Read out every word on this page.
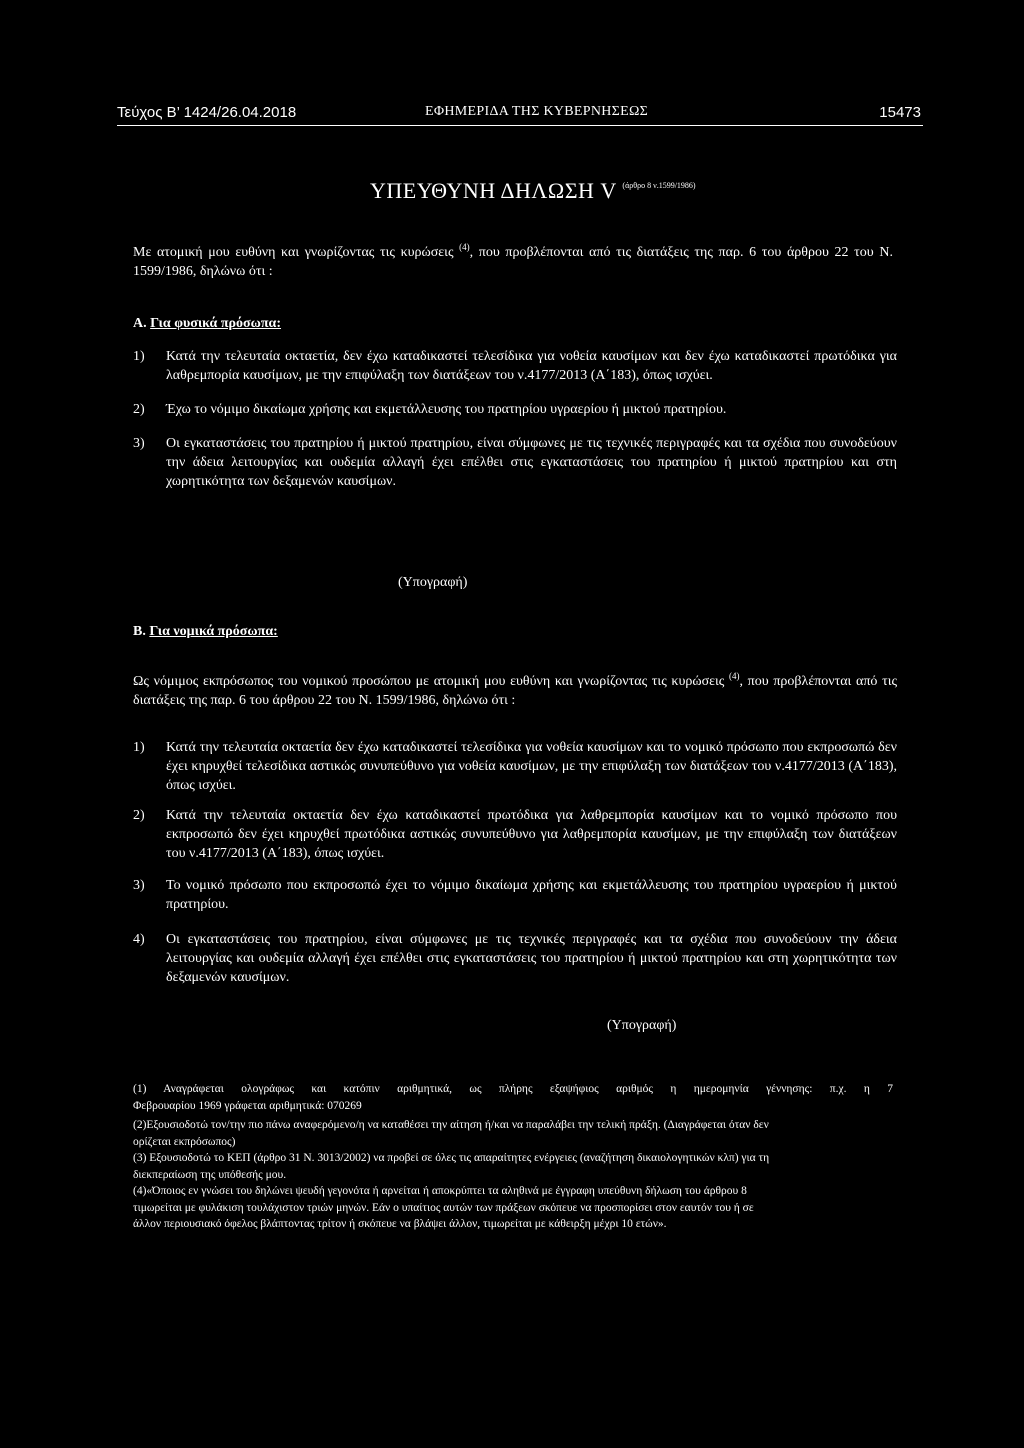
Τεύχος Β’ 1424/26.04.2018	ΕΦΗΜΕΡΙΔΑ ΤΗΣ ΚΥΒΕΡΝΗΣΕΩΣ	15473
ΥΠΕΥΘΥΝΗ ΔΗΛΩΣΗ V $^{(ά\rho\theta\rho o 8 \nu.1599/1986)}$
Με ατομική μου ευθύνη και γνωρίζοντας τις κυρώσεις $^{(4)}$, που προβλέπονται από τις διατάξεις της παρ. 6 του άρθρου 22 του Ν. 1599/1986, δηλώνω ότι :
Α. Για φυσικά πρόσωπα:
1) Κατά την τελευταία οκταετία, δεν έχω καταδικαστεί τελεσίδικα για νοθεία καυσίμων και δεν έχω καταδικαστεί πρωτόδικα για λαθρεμπορία καυσίμων, με την επιφύλαξη των διατάξεων του ν.4177/2013 (Α΄183), όπως ισχύει.
2) Έχω το νόμιμο δικαίωμα χρήσης και εκμετάλλευσης του πρατηρίου υγραερίου ή μικτού πρατηρίου.
3) Οι εγκαταστάσεις του πρατηρίου ή μικτού πρατηρίου, είναι σύμφωνες με τις τεχνικές περιγραφές και τα σχέδια που συνοδεύουν την άδεια λειτουργίας και ουδεμία αλλαγή έχει επέλθει στις εγκαταστάσεις του πρατηρίου ή μικτού πρατηρίου και στη χωρητικότητα των δεξαμενών καυσίμων.
(Υπογραφή)
Β. Για νομικά πρόσωπα:
Ως νόμιμος εκπρόσωπος του νομικού προσώπου με ατομική μου ευθύνη και γνωρίζοντας τις κυρώσεις $^{(4)}$, που προβλέπονται από τις διατάξεις της παρ. 6 του άρθρου 22 του Ν. 1599/1986, δηλώνω ότι :
1) Κατά την τελευταία οκταετία δεν έχω καταδικαστεί τελεσίδικα για νοθεία καυσίμων και το νομικό πρόσωπο που εκπροσωπώ δεν έχει κηρυχθεί τελεσίδικα αστικώς συνυπεύθυνο για νοθεία καυσίμων, με την επιφύλαξη των διατάξεων του ν.4177/2013 (Α΄183), όπως ισχύει.
2) Κατά την τελευταία οκταετία δεν έχω καταδικαστεί πρωτόδικα για λαθρεμπορία καυσίμων και το νομικό πρόσωπο που εκπροσωπώ δεν έχει κηρυχθεί πρωτόδικα αστικώς συνυπεύθυνο για λαθρεμπορία καυσίμων, με την επιφύλαξη των διατάξεων του ν.4177/2013 (Α΄183), όπως ισχύει.
3) Το νομικό πρόσωπο που εκπροσωπώ έχει το νόμιμο δικαίωμα χρήσης και εκμετάλλευσης του πρατηρίου υγραερίου ή μικτού πρατηρίου.
4) Οι εγκαταστάσεις του πρατηρίου, είναι σύμφωνες με τις τεχνικές περιγραφές και τα σχέδια που συνοδεύουν την άδεια λειτουργίας και ουδεμία αλλαγή έχει επέλθει στις εγκαταστάσεις του πρατηρίου ή μικτού πρατηρίου και στη χωρητικότητα των δεξαμενών καυσίμων.
(Υπογραφή)
(1) Αναγράφεται ολογράφως και κατόπιν αριθμητικά, ως πλήρης εξαψήφιος αριθμός η ημερομηνία γέννησης: π.χ. η 7
Φεβρουαρίου 1969 γράφεται αριθμητικά: 070269
(2)Εξουσιοδοτώ τον/την πιο πάνω αναφερόμενο/η να καταθέσει την αίτηση ή/και να παραλάβει την τελική πράξη. (Διαγράφεται όταν δεν
ορίζεται εκπρόσωπος)
(3) Εξουσιοδοτώ το ΚΕΠ (άρθρο 31 Ν. 3013/2002) να προβεί σε όλες τις απαραίτητες ενέργειες (αναζήτηση δικαιολογητικών κλπ) για τη
διεκπεραίωση της υπόθεσής μου.
(4)«Όποιος εν γνώσει του δηλώνει ψευδή γεγονότα ή αρνείται ή αποκρύπτει τα αληθινά με έγγραφη υπεύθυνη δήλωση του άρθρου 8
τιμωρείται με φυλάκιση τουλάχιστον τριών μηνών. Εάν ο υπαίτιος αυτών των πράξεων σκόπευε να προσπορίσει στον εαυτόν του ή σε
άλλον περιουσιακό όφελος βλάπτοντας τρίτον ή σκόπευε να βλάψει άλλον, τιμωρείται με κάθειρξη μέχρι 10 ετών».
